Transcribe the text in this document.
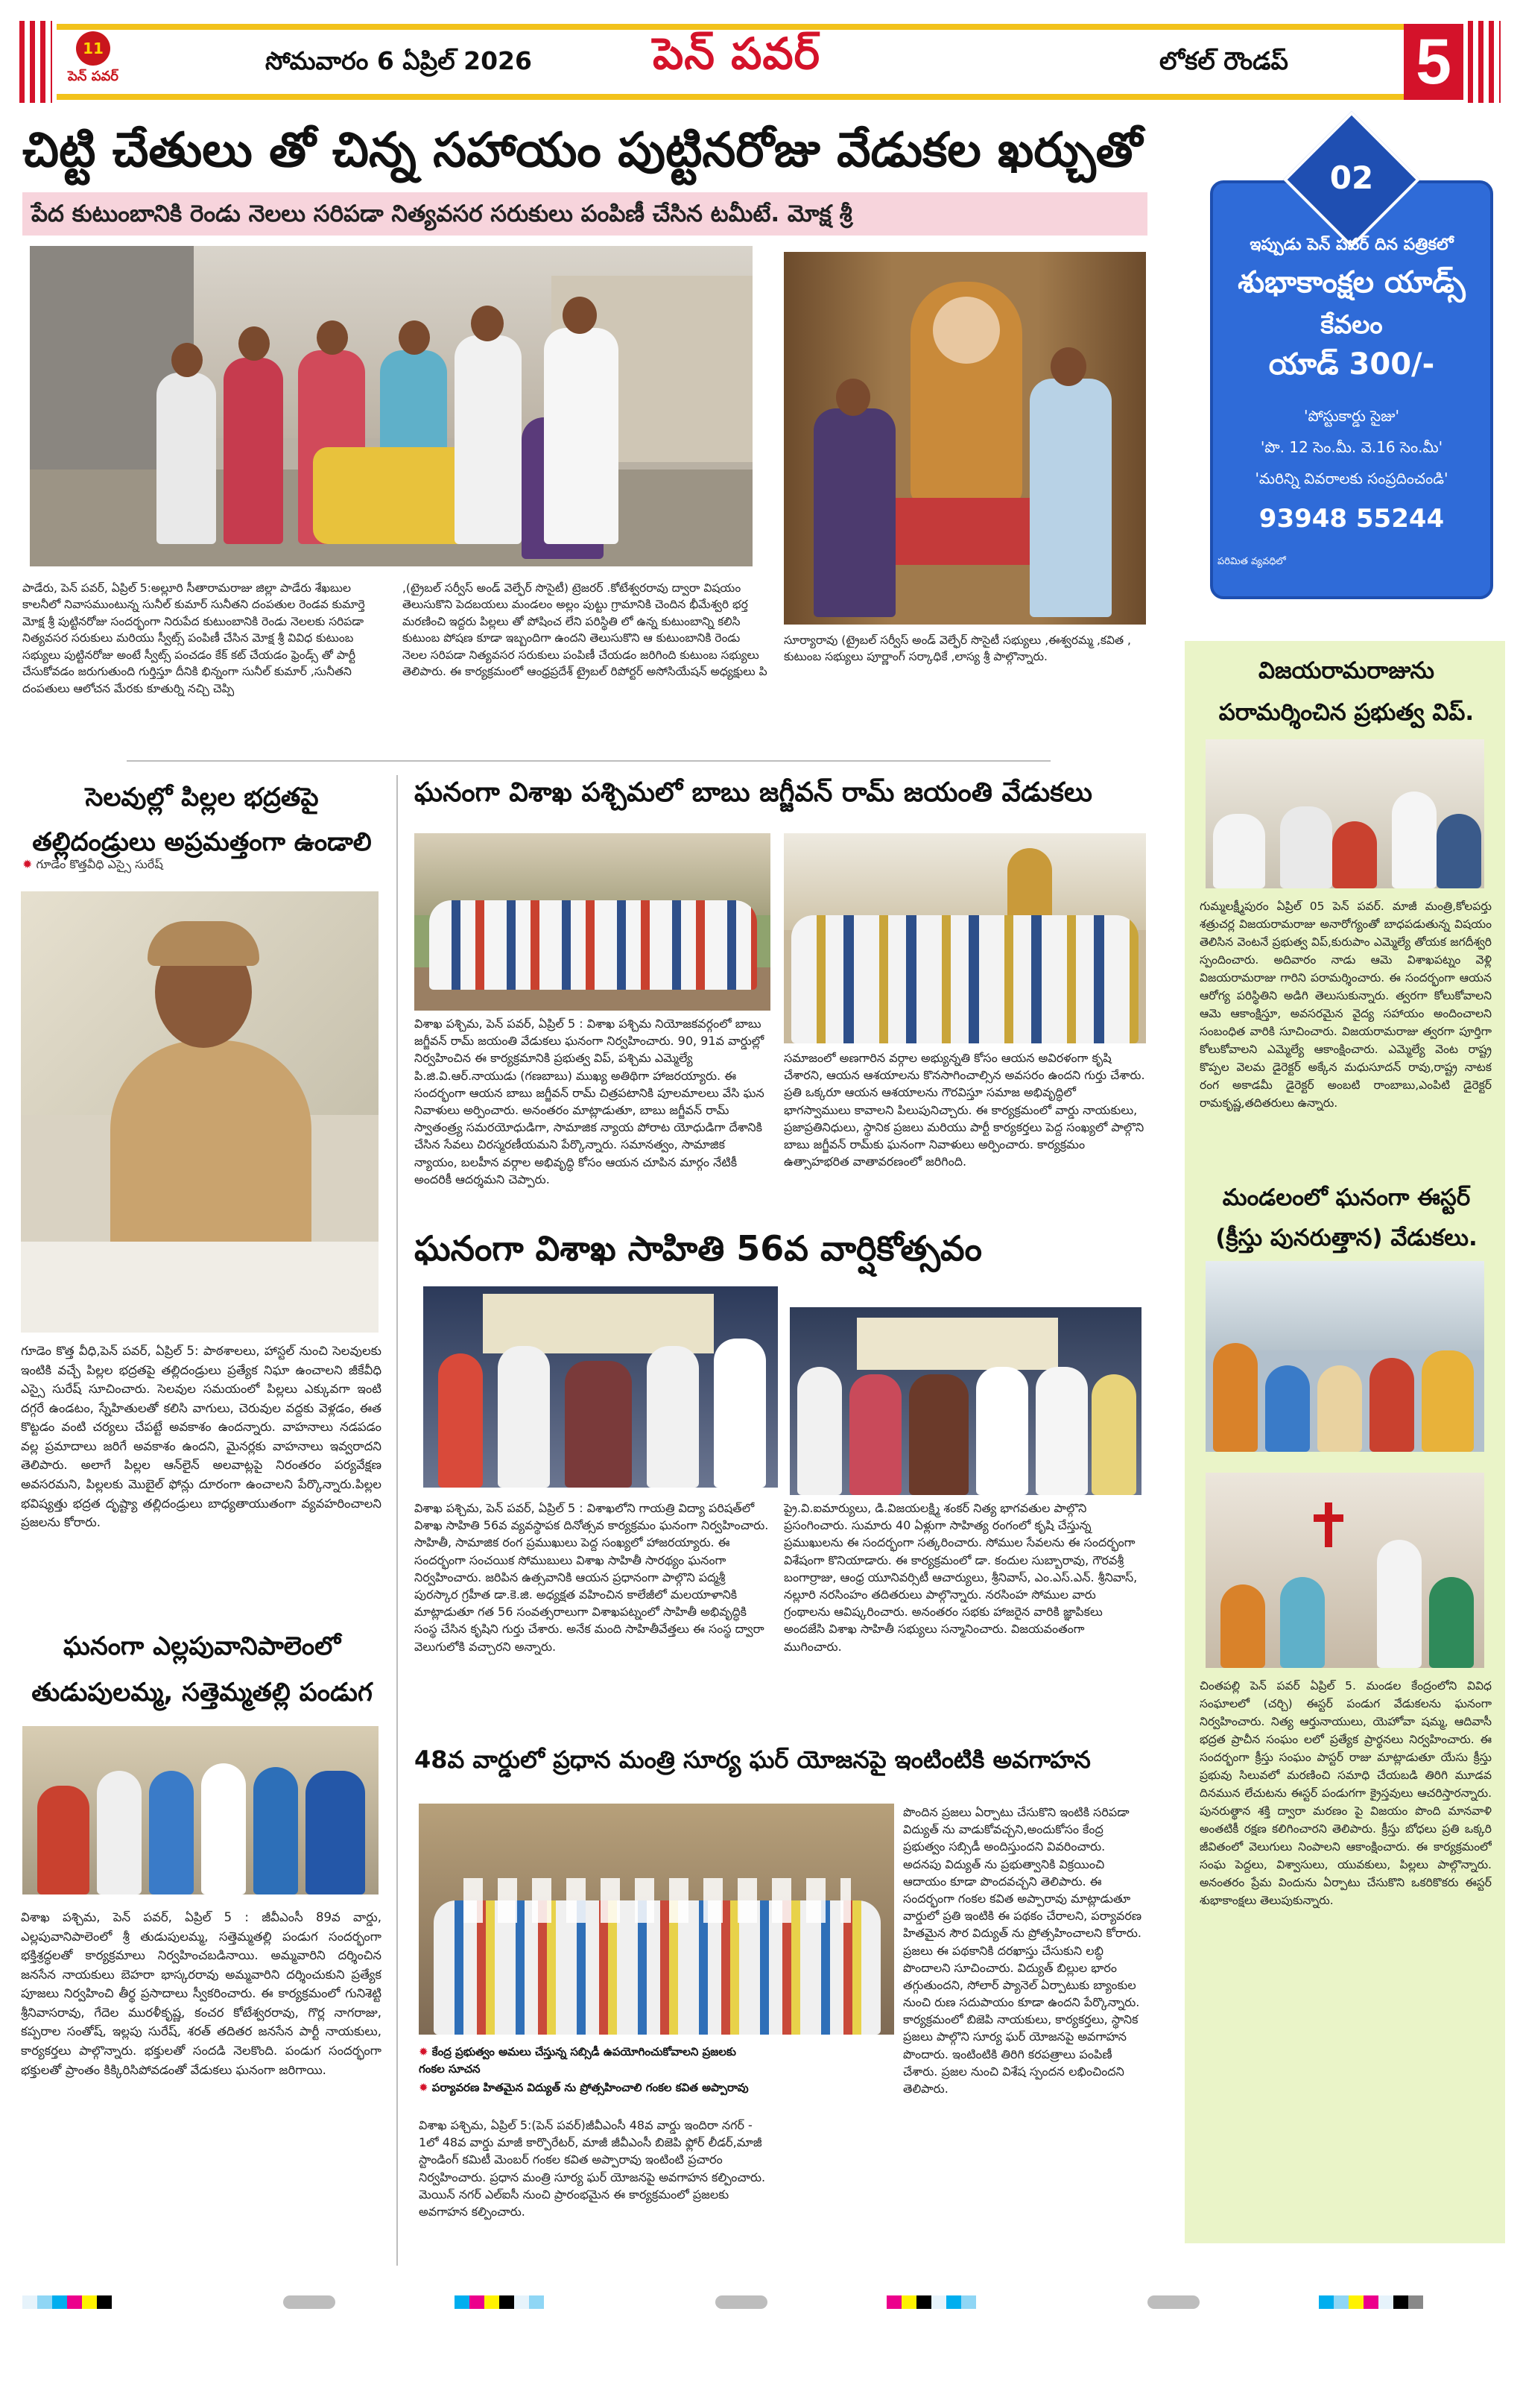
11
పెన్ పవర్
సోమవారం 6 ఏప్రిల్ 2026	పెన్ పవర్	లోకల్ రౌండప్ 5
చిట్టి చేతులు తో చిన్న సహాయం పుట్టినరోజు వేడుకల ఖర్చుతో
పేద కుటుంబానికి రెండు నెలలు సరిపడా నిత్యవసర సరుకులు పంపిణీ చేసిన టమీటే. మోక్ష శ్రీ
పాడేరు, పెన్ పవర్, ఏప్రిల్ 5:అల్లూరి సీతారామరాజు జిల్లా పాడేరు శేఖబుల కాలనీలో నివాసముంటున్న సునీల్ కుమార్ సునీతని దంపతుల రెండవ కుమార్తె మోక్ష శ్రీ పుట్టినరోజు సందర్భంగా నిరుపేద కుటుంబానికి రెండు నెలలకు సరిపడా నిత్యవసర సరుకులు మరియు స్వీట్స్ పంపిణీ చేసిన మోక్ష శ్రీ వివిధ కుటుంబ సభ్యులు పుట్టినరోజు అంటే స్వీట్స్ పంచడం కేక్ కట్ చేయడం ఫ్రెండ్స్ తో పార్టీ చేసుకోవడం జరుగుతుంది గుర్తిస్తూ దీనికి భిన్నంగా సునీల్ కుమార్ ,సునీతని దంపతులు ఆలోచన మేరకు కూతుర్ని నచ్చి చెప్పి
,(ట్రైబల్ సర్వీస్ అండ్ వెల్ఫేర్ సొసైటీ) ట్రెజరర్ .కోటేశ్వరరావు ద్వారా విషయం తెలుసుకొని పెదబయలు మండలం అల్లం పుట్టు గ్రామానికి చెందిన భీమేశ్వరి భర్త మరణించి ఇద్దరు పిల్లలు తో పోషించ లేని పరిస్థితి లో ఉన్న కుటుంబాన్ని కలిసి కుటుంబ పోషణ కూడా ఇబ్బందిగా ఉందని తెలుసుకొని ఆ కుటుంబానికి రెండు నెలల సరిపడా నిత్యవసర సరుకులు పంపిణీ చేయడం జరిగింది కుటుంబ సభ్యులు తెలిపారు. ఈ కార్యక్రమంలో ఆంధ్రప్రదేశ్ ట్రైబల్ రిపోర్టర్ అసోసియేషన్ అధ్యక్షులు పి
సూర్యారావు (ట్రైబల్ సర్వీస్ అండ్ వెల్ఫేర్ సొసైటీ సభ్యులు ,ఈశ్వరమ్మ ,కవిత , కుటుంబ సభ్యులు పూర్ణాంగ్ సర్కాధికే ,లాస్య శ్రీ పాల్గొన్నారు.
సెలవుల్లో పిల్లల భద్రతపై తల్లిదండ్రులు అప్రమత్తంగా ఉండాలి
✹ గూడెం కొత్తవీధి ఎస్సై సురేష్
గూడెం కొత్త వీధి,పెన్ పవర్, ఏప్రిల్ 5: పాఠశాలలు, హాస్టల్ నుంచి సెలవులకు ఇంటికి వచ్చే పిల్లల భద్రతపై తల్లిదండ్రులు ప్రత్యేక నిఘా ఉంచాలని జీకేవీధి ఎస్సై సురేష్ సూచించారు. సెలవుల సమయంలో పిల్లలు ఎక్కువగా ఇంటి దగ్గరే ఉండటం, స్నేహితులతో కలిసి వాగులు, చెరువుల వద్దకు వెళ్లడం, ఈత కొట్టడం వంటి చర్యలు చేపట్టే అవకాశం ఉందన్నారు. వాహనాలు నడపడం వల్ల ప్రమాదాలు జరిగే అవకాశం ఉందని, మైనర్లకు వాహనాలు ఇవ్వరాదని తెలిపారు. అలాగే పిల్లల ఆన్‌లైన్ అలవాట్లపై నిరంతరం పర్యవేక్షణ అవసరమని, పిల్లలకు మొబైల్ ఫోన్లు దూరంగా ఉంచాలని పేర్కొన్నారు.పిల్లల భవిష్యత్తు భద్రత దృష్ట్యా తల్లిదండ్రులు బాధ్యతాయుతంగా వ్యవహరించాలని ప్రజలను కోరారు.
ఘనంగా ఎల్లపువానిపాలెంలో తుడుపులమ్మ, సత్తెమ్మతల్లి పండుగ
విశాఖ పశ్చిమ, పెన్ పవర్, ఏప్రిల్ 5 : జీవీఎంసీ 89వ వార్డు, ఎల్లపువానిపాలెంలో శ్రీ తుడుపులమ్మ, సత్తెమ్మతల్లి పండుగ సందర్భంగా భక్తిశ్రద్ధలతో కార్యక్రమాలు నిర్వహించబడినాయి. అమ్మవారిని దర్శించిన జనసేన నాయకులు బెహరా భాస్కరరావు అమ్మవారిని దర్శించుకుని ప్రత్యేక పూజలు నిర్వహించి తీర్థ ప్రసాదాలు స్వీకరించారు. ఈ కార్యక్రమంలో గునిశెట్టి శ్రీనివాసరావు, గేదెల మురళీకృష్ణ, కంచర కోటేశ్వరరావు, గొర్ల నాగరాజు, కప్పరాల సంతోష్, ఇల్లపు సురేష్, శరత్ తదితర జనసేన పార్టీ నాయకులు, కార్యకర్తలు పాల్గొన్నారు. భక్తులతో సందడి నెలకొంది. పండుగ సందర్భంగా భక్తులతో ప్రాంతం కిక్కిరిసిపోవడంతో వేడుకలు ఘనంగా జరిగాయి.
ఘనంగా విశాఖ పశ్చిమలో బాబు జగ్జీవన్ రామ్ జయంతి వేడుకలు
విశాఖ పశ్చిమ, పెన్ పవర్, ఏప్రిల్ 5 : విశాఖ పశ్చిమ నియోజకవర్గంలో బాబు జగ్జీవన్ రామ్ జయంతి వేడుకలు ఘనంగా నిర్వహించారు. 90, 91వ వార్డుల్లో నిర్వహించిన ఈ కార్యక్రమానికి ప్రభుత్వ విప్, పశ్చిమ ఎమ్మెల్యే పి.జి.వి.ఆర్.నాయుడు (గణబాబు) ముఖ్య అతిథిగా హాజరయ్యారు. ఈ సందర్భంగా ఆయన బాబు జగ్జీవన్ రామ్ చిత్రపటానికి పూలమాలలు వేసి ఘన నివాళులు అర్పించారు. అనంతరం మాట్లాడుతూ, బాబు జగ్జీవన్ రామ్ స్వాతంత్ర్య సమరయోధుడిగా, సామాజిక న్యాయ పోరాట యోధుడిగా దేశానికి చేసిన సేవలు చిరస్మరణీయమని పేర్కొన్నారు. సమానత్వం, సామాజిక న్యాయం, బలహీన వర్గాల అభివృద్ధి కోసం ఆయన చూపిన మార్గం నేటికీ అందరికీ ఆదర్శమని చెప్పారు.
సమాజంలో అణగారిన వర్గాల అభ్యున్నతి కోసం ఆయన అవిరళంగా కృషి చేశారని, ఆయన ఆశయాలను కొనసాగించాల్సిన అవసరం ఉందని గుర్తు చేశారు. ప్రతి ఒక్కరూ ఆయన ఆశయాలను గౌరవిస్తూ సమాజ అభివృద్ధిలో భాగస్వాములు కావాలని పిలుపునిచ్చారు. ఈ కార్యక్రమంలో వార్డు నాయకులు, ప్రజాప్రతినిధులు, స్థానిక ప్రజలు మరియు పార్టీ కార్యకర్తలు పెద్ద సంఖ్యలో పాల్గొని బాబు జగ్జీవన్ రామ్‌కు ఘనంగా నివాళులు అర్పించారు. కార్యక్రమం ఉత్సాహభరిత వాతావరణంలో జరిగింది.
ఘనంగా విశాఖ సాహితి 56వ వార్షికోత్సవం
విశాఖ పశ్చిమ, పెన్ పవర్, ఏప్రిల్ 5 : విశాఖలోని గాయత్రి విద్యా పరిషత్‌లో విశాఖ సాహితి 56వ వ్యవస్థాపక దినోత్సవ కార్యక్రమం ఘనంగా నిర్వహించారు. సాహితీ, సామాజిక రంగ ప్రముఖులు పెద్ద సంఖ్యలో హాజరయ్యారు. ఈ సందర్భంగా సంచయిక సోముబులు విశాఖ సాహితీ సారథ్యం ఘనంగా నిర్వహించారు. జరిపిన ఉత్సవానికి ఆయన ప్రధానంగా పాల్గొని పద్మశ్రీ పురస్కార గ్రహీత డా.కె.జి. అధ్యక్షత వహించిన కాలేజీలో మలయాళానికి మాట్లాడుతూ గత 56 సంవత్సరాలుగా విశాఖపట్నంలో సాహితీ అభివృద్ధికి సంస్థ చేసిన కృషిని గుర్తు చేశారు. అనేక మంది సాహితీవేత్తలు ఈ సంస్థ ద్వారా వెలుగులోకి వచ్చారని అన్నారు.
ప్రై.వి.ఐమార్యులు, డి.విజయలక్ష్మి శంకర్ నిత్య భాగవతుల పాల్గొని ప్రసంగించారు. సుమారు 40 ఏళ్లుగా సాహిత్య రంగంలో కృషి చేస్తున్న ప్రముఖులను ఈ సందర్భంగా సత్కరించారు. సోముల సేవలను ఈ సందర్భంగా విశేషంగా కొనియాడారు. ఈ కార్యక్రమంలో డా. కందుల సుబ్బారావు, గౌరవశ్రీ బంగార్రాజు, ఆంధ్ర యూనివర్సిటీ ఆచార్యులు, శ్రీనివాస్, ఎం.ఎస్.ఎన్. శ్రీనివాస్, నల్లూరి నరసింహం తదితరులు పాల్గొన్నారు. నరసింహ సోముల వారు గ్రంథాలను ఆవిష్కరించారు. అనంతరం సభకు హాజరైన వారికి జ్ఞాపికలు అందజేసి విశాఖ సాహితీ సభ్యులు సన్మానించారు. విజయవంతంగా ముగించారు.
48వ వార్డులో ప్రధాన మంత్రి సూర్య ఘర్ యోజనపై ఇంటింటికి అవగాహన
✹ కేంద్ర ప్రభుత్వం అమలు చేస్తున్న సబ్సిడీ ఉపయోగించుకోవాలని ప్రజలకు గంకల సూచన
✹ పర్యావరణ హితమైన విద్యుత్ ను ప్రోత్సహించాలి గంకల కవిత అప్పారావు
విశాఖ పశ్చిమ, ఏప్రిల్ 5:(పెన్ పవర్)జీవీఎంసీ 48వ వార్డు ఇందిరా నగర్ - 1లో 48వ వార్డు మాజీ కార్పొరేటర్, మాజీ జీవీఎంసీ బిజెపి ఫ్లోర్ లీడర్,మాజీ స్టాండింగ్ కమిటీ మెంబర్ గంకల కవిత అప్పారావు ఇంటింటి ప్రచారం నిర్వహించారు. ప్రధాన మంత్రి సూర్య ఘర్ యోజనపై అవగాహన కల్పించారు. మెయిన్ నగర్ ఎల్‌ఐసీ నుంచి ప్రారంభమైన ఈ కార్యక్రమంలో ప్రజలకు అవగాహన కల్పించారు.
పొందిన ప్రజలు ఏర్పాటు చేసుకొని ఇంటికి సరిపడా విద్యుత్ ను వాడుకోవచ్చని,అందుకోసం కేంద్ర ప్రభుత్వం సబ్సిడీ అందిస్తుందని వివరించారు. అదనపు విద్యుత్ ను ప్రభుత్వానికి విక్రయించి ఆదాయం కూడా పొందవచ్చని తెలిపారు. ఈ సందర్భంగా గంకల కవిత అప్పారావు మాట్లాడుతూ వార్డులో ప్రతి ఇంటికి ఈ పథకం చేరాలని, పర్యావరణ హితమైన సౌర విద్యుత్ ను ప్రోత్సహించాలని కోరారు. ప్రజలు ఈ పథకానికి దరఖాస్తు చేసుకుని లబ్ధి పొందాలని సూచించారు. విద్యుత్ బిల్లుల భారం తగ్గుతుందని, సోలార్ ప్యానెల్ ఏర్పాటుకు బ్యాంకుల నుంచి రుణ సదుపాయం కూడా ఉందని పేర్కొన్నారు. కార్యక్రమంలో బిజెపి నాయకులు, కార్యకర్తలు, స్థానిక ప్రజలు పాల్గొని సూర్య ఘర్ యోజనపై అవగాహన పొందారు. ఇంటింటికి తిరిగి కరపత్రాలు పంపిణీ చేశారు. ప్రజల నుంచి విశేష స్పందన లభించిందని తెలిపారు.
02
ఇప్పుడు పెన్ పవర్ దిన పత్రికలో
శుభాకాంక్షల యాడ్స్
కేవలం
యాడ్ 300/-
'పోస్టుకార్డు సైజు'
'పొ. 12 సెం.మీ. వె.16 సెం.మీ'
'మరిన్ని వివరాలకు సంప్రదించండి'
93948 55244
పరిమిత వ్యవధిలో
విజయరామరాజును పరామర్శించిన ప్రభుత్వ విప్.
గుమ్మలక్ష్మీపురం ఏప్రిల్ 05 పెన్ పవర్. మాజీ మంత్రి,కోలపర్తు శత్రుచర్ల విజయరామరాజు అనారోగ్యంతో బాధపడుతున్న విషయం తెలిసిన వెంటనే ప్రభుత్వ విప్,కురుపాం ఎమ్మెల్యే తోయక జగదీశ్వరి స్పందించారు. అదివారం నాడు ఆమె విశాఖపట్నం వెళ్లి విజయరామరాజు గారిని పరామర్శించారు. ఈ సందర్భంగా ఆయన ఆరోగ్య పరిస్థితిని అడిగి తెలుసుకున్నారు. త్వరగా కోలుకోవాలని ఆమె ఆకాంక్షిస్తూ, అవసరమైన వైద్య సహాయం అందించాలని సంబంధిత వారికి సూచించారు. విజయరామరాజు త్వరగా పూర్తిగా కోలుకోవాలని ఎమ్మెల్యే ఆకాంక్షించారు. ఎమ్మెల్యే వెంట రాష్ట్ర కొప్పల వెలమ డైరెక్టర్ అక్కేన మధుసూదన్ రావు,రాష్ట్ర నాటక రంగ అకాడమీ డైరెక్టర్ అంబటి రాంబాబు,ఎంపిటి డైరెక్టర్ రామకృష్ణ,తదితరులు ఉన్నారు.
మండలంలో ఘనంగా ఈస్టర్ (క్రీస్తు పునరుత్తాన) వేడుకలు.
చింతపల్లి పెన్ పవర్ ఏప్రిల్ 5. మండల కేంద్రంలోని వివిధ సంఘాలలో (చర్చి) ఈస్టర్ పండుగ వేడుకలను ఘనంగా నిర్వహించారు. నిత్య ఆర్తునాయులు, యెహోవా షమ్మ, ఆదివాసీ భద్రత ప్రాచీన సంఘం లలో ప్రత్యేక ప్రార్థనలు నిర్వహించారు. ఈ సందర్భంగా క్రీస్తు సంఘం పాస్టర్ రాజు మాట్లాడుతూ యేసు క్రీస్తు ప్రభువు సిలువలో మరణించి సమాధి చేయబడి తిరిగి మూడవ దినమున లేచుటను ఈస్టర్ పండుగగా క్రైస్తవులు ఆచరిస్తారన్నారు. పునరుత్థాన శక్తి ద్వారా మరణం పై విజయం పొంది మానవాళి అంతటికీ రక్షణ కలిగించారని తెలిపారు. క్రీస్తు బోధలు ప్రతి ఒక్కరి జీవితంలో వెలుగులు నింపాలని ఆకాంక్షించారు. ఈ కార్యక్రమంలో సంఘ పెద్దలు, విశ్వాసులు, యువకులు, పిల్లలు పాల్గొన్నారు. అనంతరం ప్రేమ విందును ఏర్పాటు చేసుకొని ఒకరికొకరు ఈస్టర్ శుభాకాంక్షలు తెలుపుకున్నారు.
